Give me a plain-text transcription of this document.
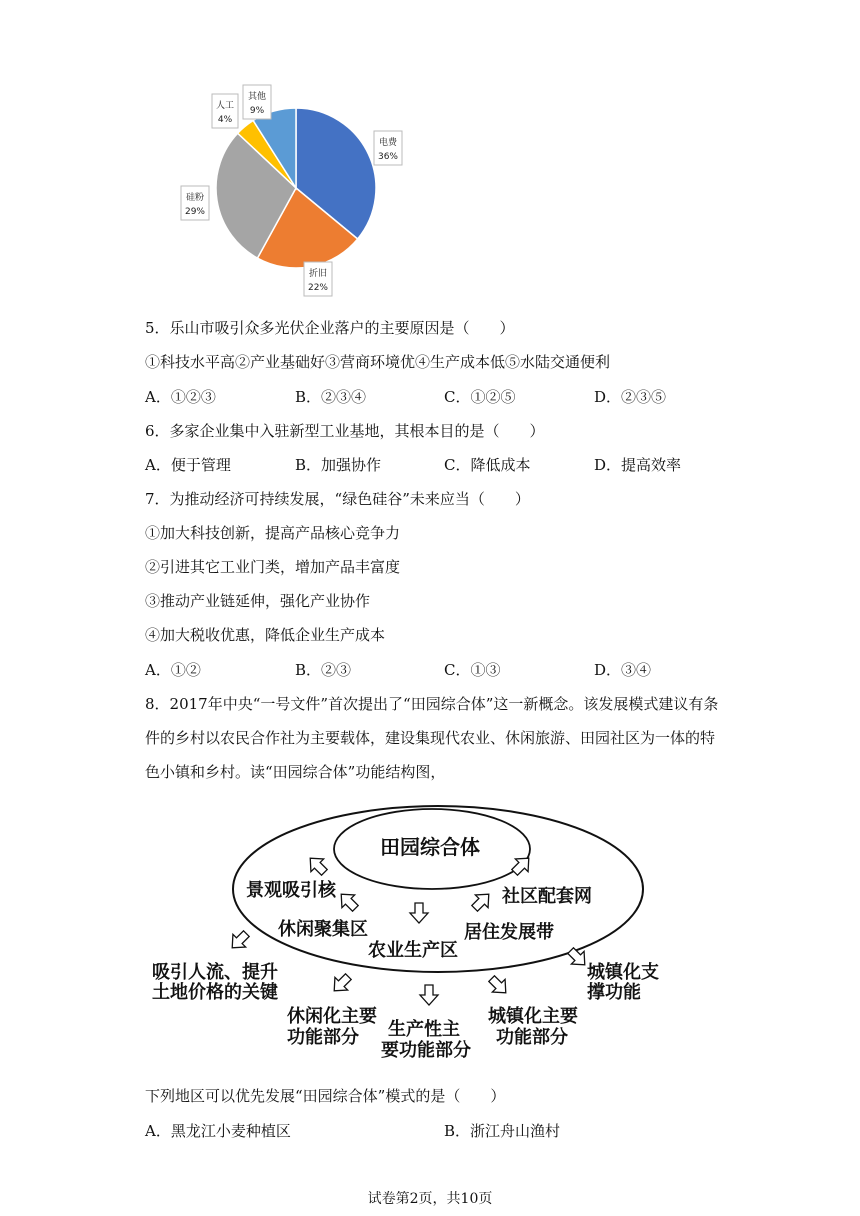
电费
36%
折旧
22%
硅粉
29%
人工
4%
其他
9%
5．乐山市吸引众多光伏企业落户的主要原因是（　　）
①科技水平高②产业基础好③营商环境优④生产成本低⑤水陆交通便利
A．①②③	B．②③④	C．①②⑤	D．②③⑤
6．多家企业集中入驻新型工业基地，其根本目的是（　　）
A．便于管理	B．加强协作	C．降低成本	D．提高效率
7．为推动经济可持续发展，“绿色硅谷”未来应当（　　）
①加大科技创新，提高产品核心竞争力
②引进其它工业门类，增加产品丰富度
③推动产业链延伸，强化产业协作
④加大税收优惠，降低企业生产成本
A．①②	B．②③	C．①③	D．③④
8．2017年中央“一号文件”首次提出了“田园综合体”这一新概念。该发展模式建议有条
件的乡村以农民合作社为主要载体，建设集现代农业、休闲旅游、田园社区为一体的特
色小镇和乡村。读“田园综合体”功能结构图，
田园综合体
景观吸引核	社区配套网
休闲聚集区	居住发展带
农业生产区
吸引人流、提升 土地价格的关键
休闲化主要 功能部分	生产性主 要功能部分
城镇化主要 功能部分
城镇化支 撑功能
下列地区可以优先发展“田园综合体”模式的是（　　）
A．黑龙江小麦种植区	B．浙江舟山渔村
试卷第2页，共10页
